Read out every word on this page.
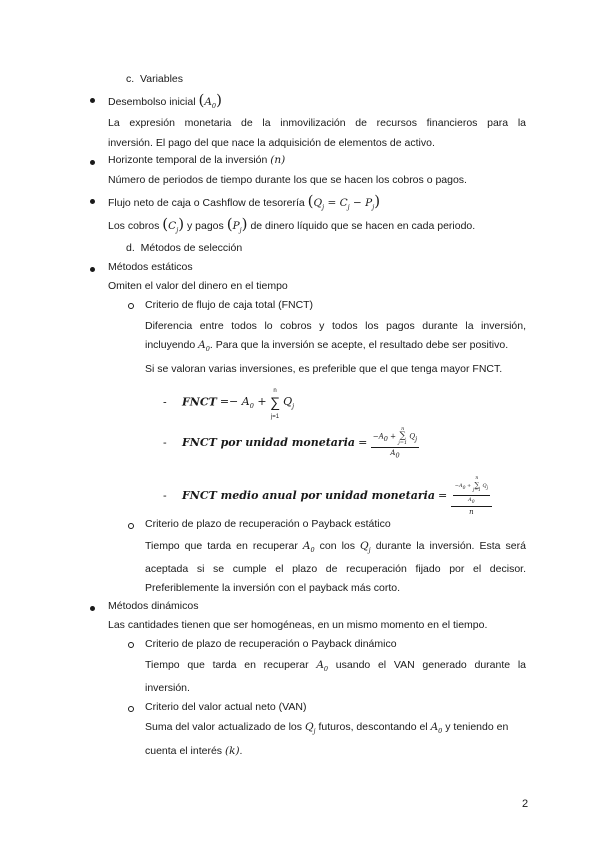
c. Variables
Desembolso inicial $(A_0)$
La expresión monetaria de la inmovilización de recursos financieros para la
inversión. El pago del que nace la adquisición de elementos de activo.
Horizonte temporal de la inversión (n)
Número de periodos de tiempo durante los que se hacen los cobros o pagos.
Flujo neto de caja o Cashflow de tesorería $(Q_j = C_j - P_j)$
Los cobros $(C_j)$ y pagos $(P_j)$ de dinero líquido que se hacen en cada periodo.
d. Métodos de selección
Métodos estáticos
Omiten el valor del dinero en el tiempo
Criterio de flujo de caja total (FNCT)
Diferencia entre todos lo cobros y todos los pagos durante la inversión,
incluyendo $A_0$. Para que la inversión se acepte, el resultado debe ser positivo.
Si se valoran varias inversiones, es preferible que el que tenga mayor FNCT.
- FNCT =− $A_0 + n$
∑
j=1 $Q_j$
- FNCT por unidad monetaria = $-A_0 + n$
∑
j=1 $Q_j$
$A_0$
- FNCT medio anual por unidad monetaria =
$-A_0 + n$
∑
j=1 $Q_j$
$A_0$
n
Criterio de plazo de recuperación o Payback estático
Tiempo que tarda en recuperar $A_0$ con los $Q_j$ durante la inversión. Esta será
aceptada si se cumple el plazo de recuperación fijado por el decisor.
Preferiblemente la inversión con el payback más corto.
Métodos dinámicos
Las cantidades tienen que ser homogéneas, en un mismo momento en el tiempo.
Criterio de plazo de recuperación o Payback dinámico
Tiempo que tarda en recuperar $A_0$ usando el VAN generado durante la
inversión.
Criterio del valor actual neto (VAN)
Suma del valor actualizado de los $Q_j$ futuros, descontando el $A_0$ y teniendo en
cuenta el interés (k).
2
